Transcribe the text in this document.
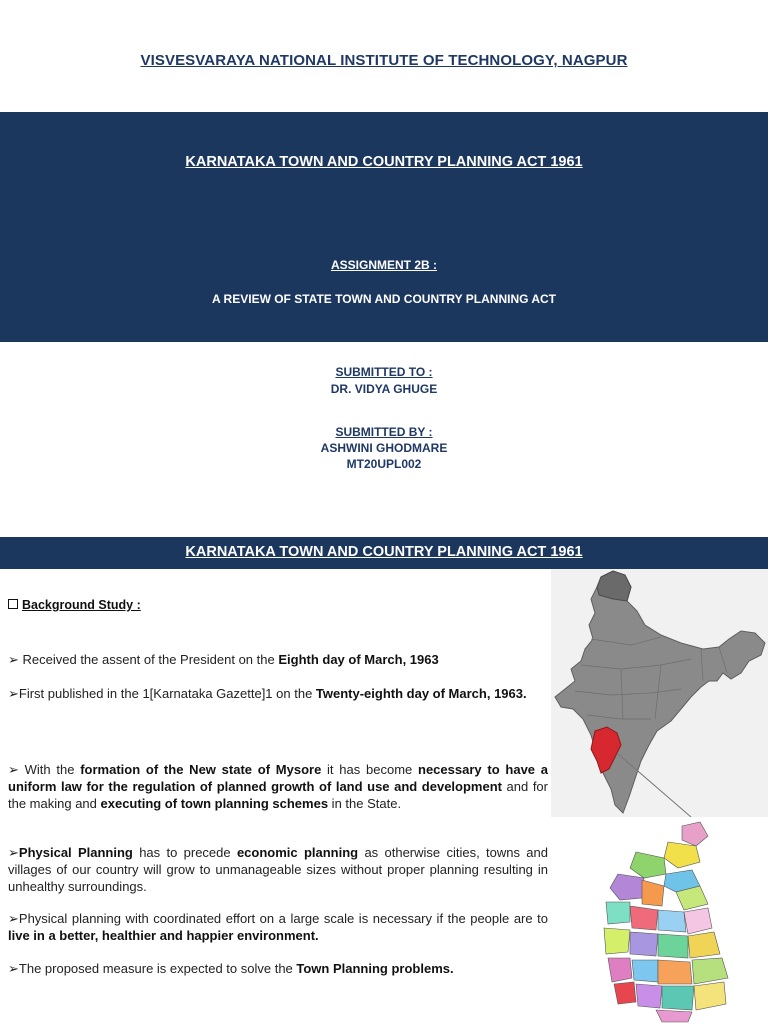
VISVESVARAYA NATIONAL INSTITUTE OF TECHNOLOGY, NAGPUR
KARNATAKA TOWN AND COUNTRY PLANNING ACT 1961
ASSIGNMENT 2B :
A REVIEW OF STATE TOWN AND COUNTRY PLANNING ACT
SUBMITTED TO :
DR. VIDYA GHUGE
SUBMITTED BY :
ASHWINI GHODMARE
MT20UPL002
KARNATAKA TOWN AND COUNTRY PLANNING ACT 1961
Background Study :
➢ Received the assent of the President on the Eighth day of March, 1963
➢First published in the 1[Karnataka Gazette]1 on the Twenty-eighth day of March, 1963.
➢ With the formation of the New state of Mysore it has become necessary to have a uniform law for the regulation of planned growth of land use and development and for the making and executing of town planning schemes in the State.
➢Physical Planning has to precede economic planning as otherwise cities, towns and villages of our country will grow to unmanageable sizes without proper planning resulting in unhealthy surroundings.
➢Physical planning with coordinated effort on a large scale is necessary if the people are to live in a better, healthier and happier environment.
➢The proposed measure is expected to solve the Town Planning problems.
